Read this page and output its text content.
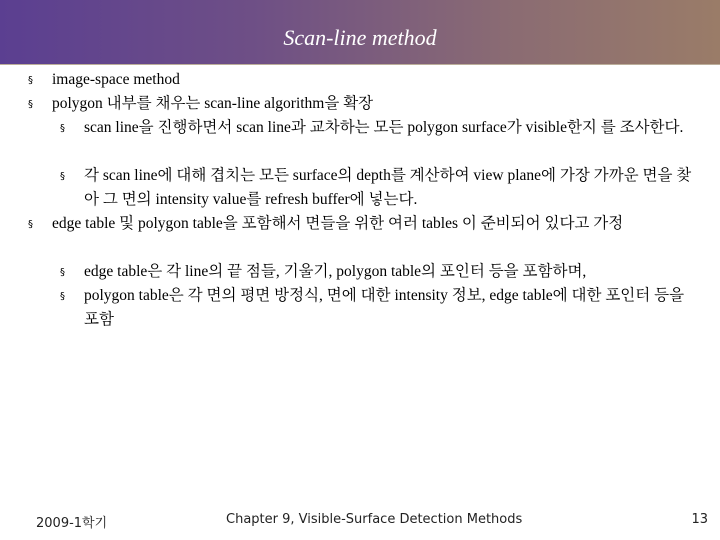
Scan-line method
§ image-space method
§ polygon 내부를 채우는 scan-line algorithm을 확장
§ scan line을 진행하면서 scan line과 교차하는 모든 polygon surface가 visible한지 를 조사한다.
§ 각 scan line에 대해 겹치는 모든 surface의 depth를 계산하여 view plane에 가장 가까운 면을 찾아 그 면의 intensity value를 refresh buffer에 넣는다.
§ edge table 및 polygon table을 포함해서 면들을 위한 여러 tables 이 준비되어 있다고 가정
§ edge table은 각 line의 끝 점들, 기울기, polygon table의 포인터 등을 포함하며,
§ polygon table은 각 면의 평면 방정식, 면에 대한 intensity 정보, edge table에 대한 포인터 등을 포함
2009-1학기	Chapter 9, Visible-Surface Detection Methods	13
